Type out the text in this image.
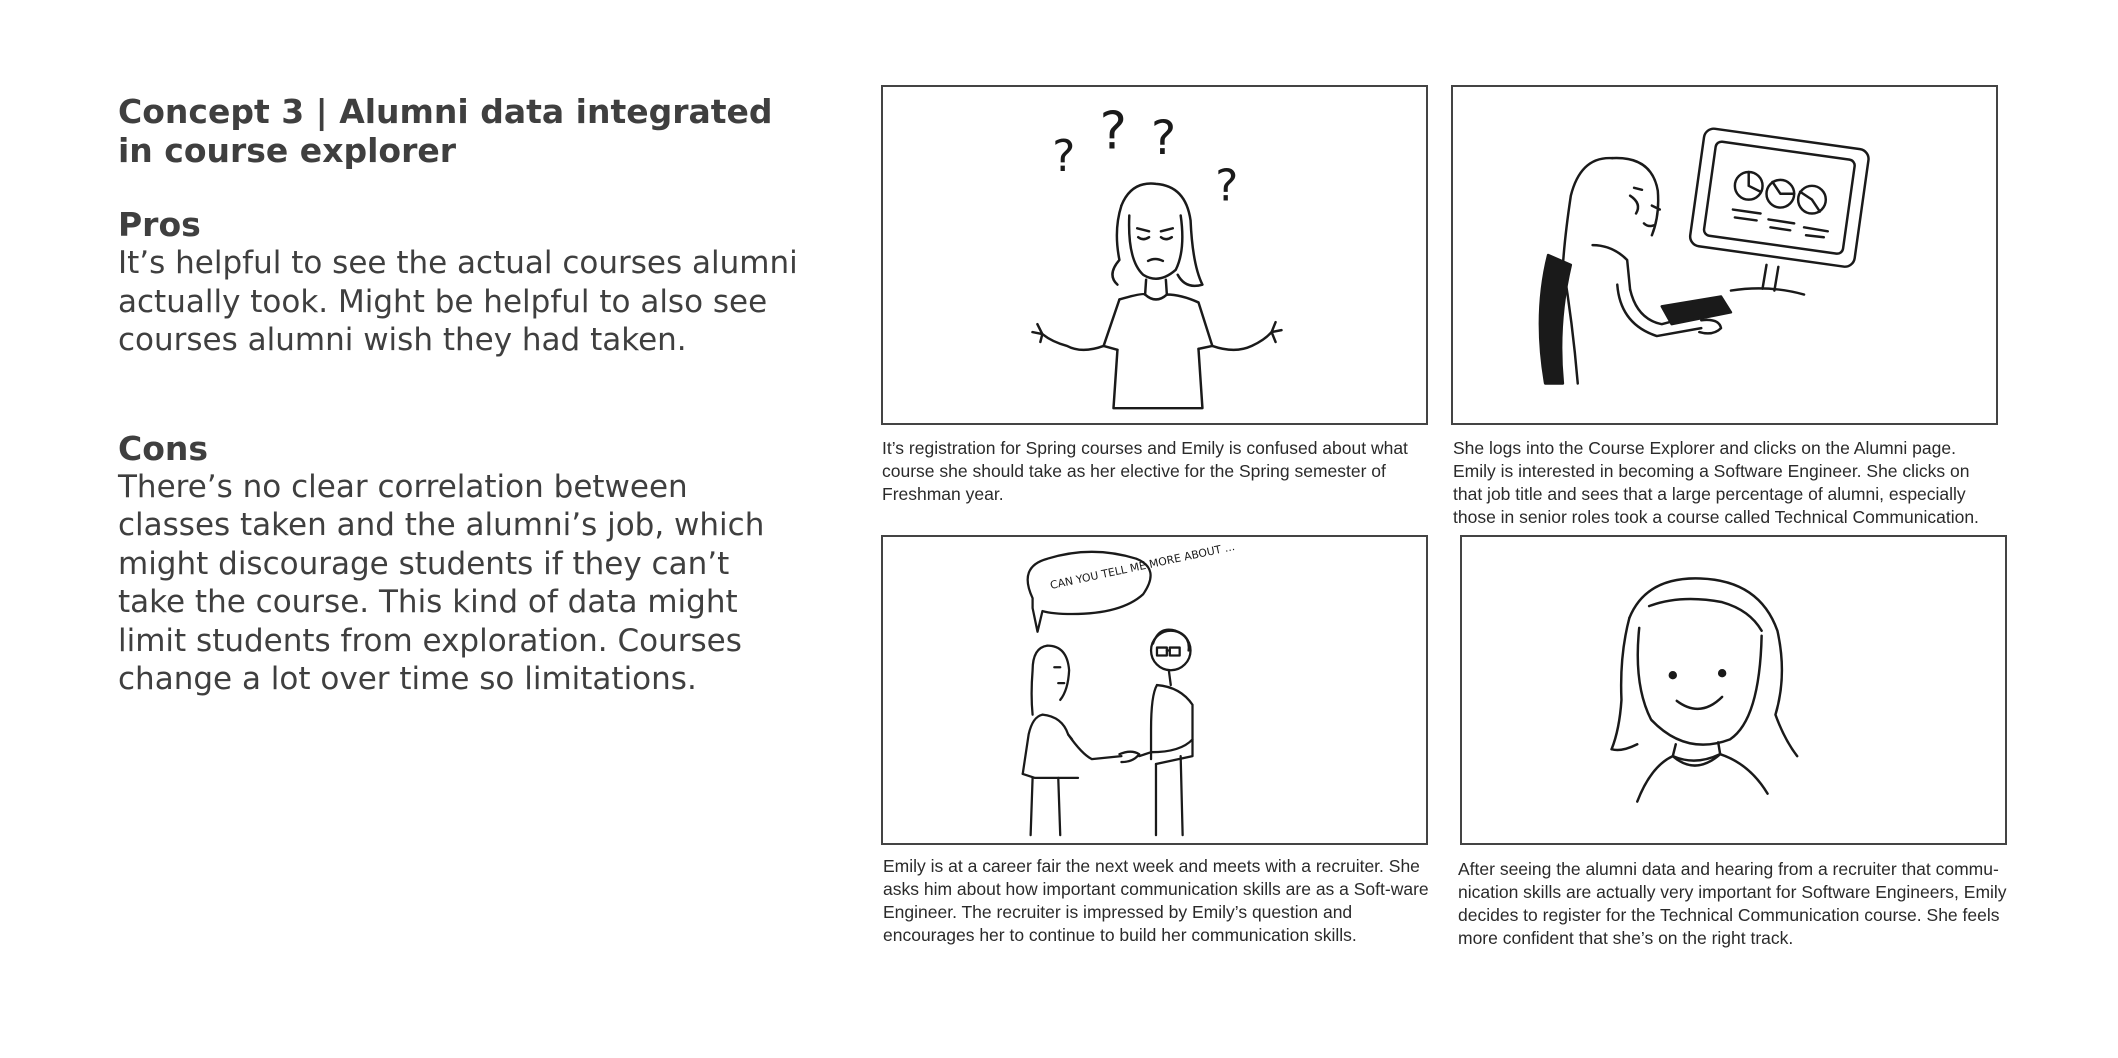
Concept 3 | Alumni data integrated in course explorer
Pros

It’s helpful to see the actual courses alumni actually took. Might be helpful to also see courses alumni wish they had taken.

Cons

There’s no clear correlation between classes taken and the alumni’s job, which might discourage students if they can’t take the course. This kind of data might limit students from exploration. Courses change a lot over time so limitations.

? ? ?
?
CAN YOU TELL ME MORE ABOUT ...
It’s registration for Spring courses and Emily is confused about what course she should take as her elective for the Spring semester of Freshman year.
She logs into the Course Explorer and clicks on the Alumni page. Emily is interested in becoming a Software Engineer. She clicks on that job title and sees that a large percentage of alumni, especially those in senior roles took a course called Technical Communication.
Emily is at a career fair the next week and meets with a recruiter. She asks him about how important communication skills are as a Soft-ware Engineer. The recruiter is impressed by Emily’s question and encourages her to continue to build her communication skills.
After seeing the alumni data and hearing from a recruiter that commu-nication skills are actually very important for Software Engineers, Emily decides to register for the Technical Communication course. She feels more confident that she’s on the right track.
